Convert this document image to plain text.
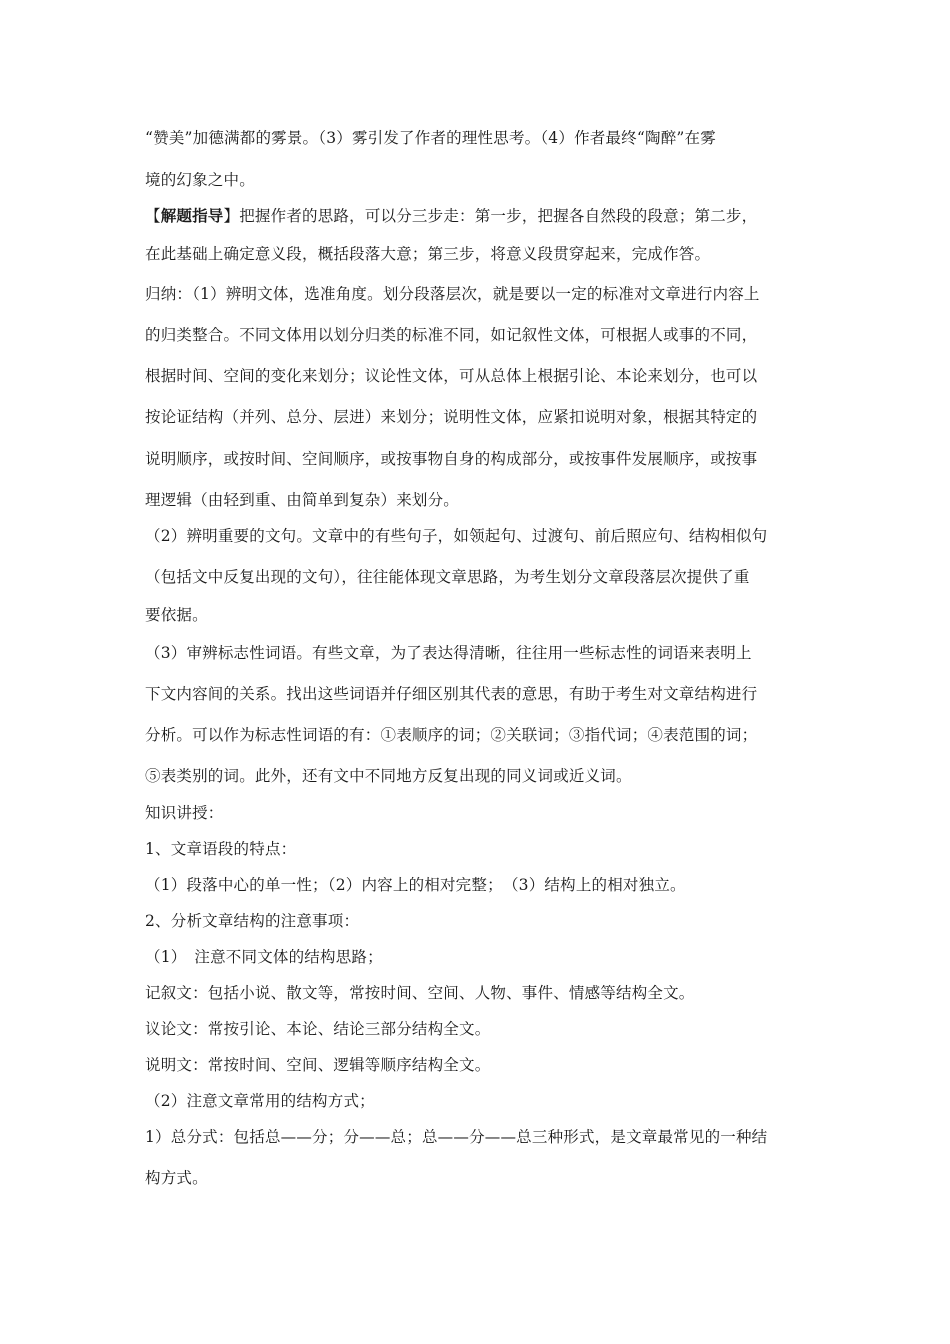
“赞美”加德满都的雾景。（3）雾引发了作者的理性思考。（4）作者最终“陶醉”在雾
境的幻象之中。
【解题指导】把握作者的思路，可以分三步走：第一步，把握各自然段的段意；第二步，
在此基础上确定意义段，概括段落大意；第三步，将意义段贯穿起来，完成作答。
归纳：（1）辨明文体，选准角度。划分段落层次，就是要以一定的标准对文章进行内容上
的归类整合。不同文体用以划分归类的标准不同，如记叙性文体，可根据人或事的不同，
根据时间、空间的变化来划分；议论性文体，可从总体上根据引论、本论来划分，也可以
按论证结构（并列、总分、层进）来划分；说明性文体，应紧扣说明对象，根据其特定的
说明顺序，或按时间、空间顺序，或按事物自身的构成部分，或按事件发展顺序，或按事
理逻辑（由轻到重、由简单到复杂）来划分。
（2）辨明重要的文句。文章中的有些句子，如领起句、过渡句、前后照应句、结构相似句
（包括文中反复出现的文句），往往能体现文章思路，为考生划分文章段落层次提供了重
要依据。
（3）审辨标志性词语。有些文章，为了表达得清晰，往往用一些标志性的词语来表明上
下文内容间的关系。找出这些词语并仔细区别其代表的意思，有助于考生对文章结构进行
分析。可以作为标志性词语的有：①表顺序的词；②关联词；③指代词；④表范围的词；
⑤表类别的词。此外，还有文中不同地方反复出现的同义词或近义词。
知识讲授：
1、文章语段的特点：
（1）段落中心的单一性；（2）内容上的相对完整；　（3）结构上的相对独立。
2、分析文章结构的注意事项：
（1）　注意不同文体的结构思路；
记叙文：包括小说、散文等，常按时间、空间、人物、事件、情感等结构全文。
议论文：常按引论、本论、结论三部分结构全文。
说明文：常按时间、空间、逻辑等顺序结构全文。
（2）注意文章常用的结构方式；
1）总分式：包括总——分；分——总；总——分——总三种形式，是文章最常见的一种结
构方式。
